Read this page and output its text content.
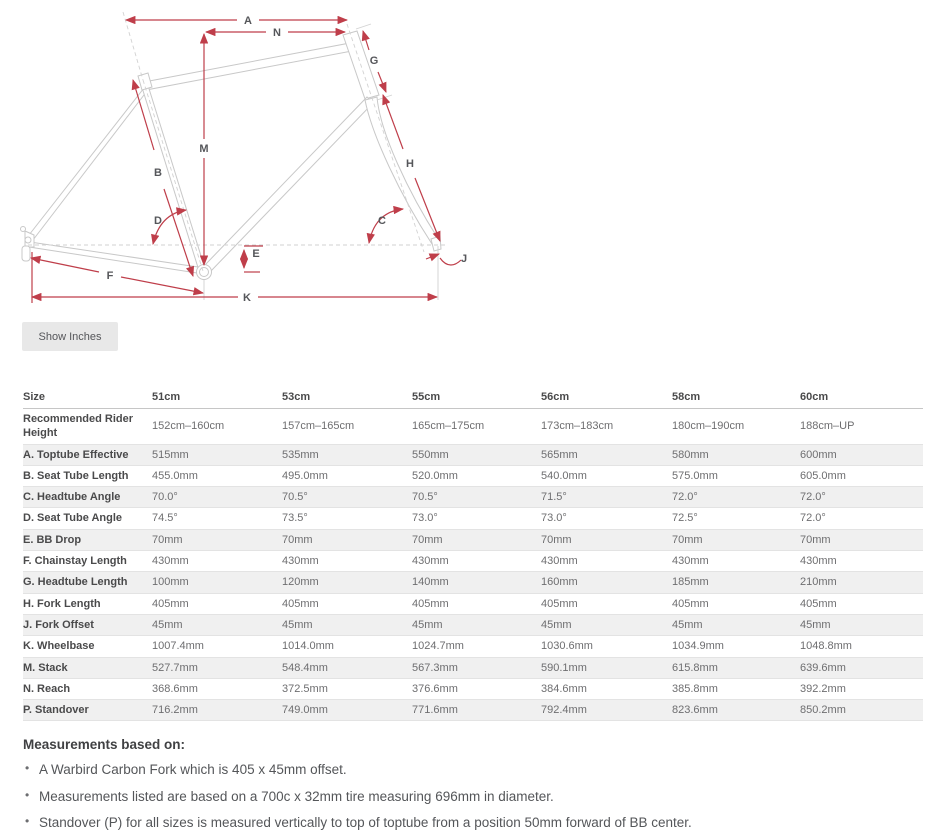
A
N
M
B
G
H
D	C
E
F
K
J
Show Inches
Size	51cm	53cm	55cm	56cm	58cm	60cm
Recommended Rider Height	152cm–160cm	157cm–165cm	165cm–175cm	173cm–183cm	180cm–190cm	188cm–UP
A. Toptube Effective	515mm	535mm	550mm	565mm	580mm	600mm
B. Seat Tube Length	455.0mm	495.0mm	520.0mm	540.0mm	575.0mm	605.0mm
C. Headtube Angle	70.0°	70.5°	70.5°	71.5°	72.0°	72.0°
D. Seat Tube Angle	74.5°	73.5°	73.0°	73.0°	72.5°	72.0°
E. BB Drop	70mm	70mm	70mm	70mm	70mm	70mm
F. Chainstay Length	430mm	430mm	430mm	430mm	430mm	430mm
G. Headtube Length	100mm	120mm	140mm	160mm	185mm	210mm
H. Fork Length	405mm	405mm	405mm	405mm	405mm	405mm
J. Fork Offset	45mm	45mm	45mm	45mm	45mm	45mm
K. Wheelbase	1007.4mm	1014.0mm	1024.7mm	1030.6mm	1034.9mm	1048.8mm
M. Stack	527.7mm	548.4mm	567.3mm	590.1mm	615.8mm	639.6mm
N. Reach	368.6mm	372.5mm	376.6mm	384.6mm	385.8mm	392.2mm
P. Standover	716.2mm	749.0mm	771.6mm	792.4mm	823.6mm	850.2mm

Measurements based on:

• A Warbird Carbon Fork which is 405 x 45mm offset.
• Measurements listed are based on a 700c x 32mm tire measuring 696mm in diameter.
• Standover (P) for all sizes is measured vertically to top of toptube from a position 50mm forward of BB center.
